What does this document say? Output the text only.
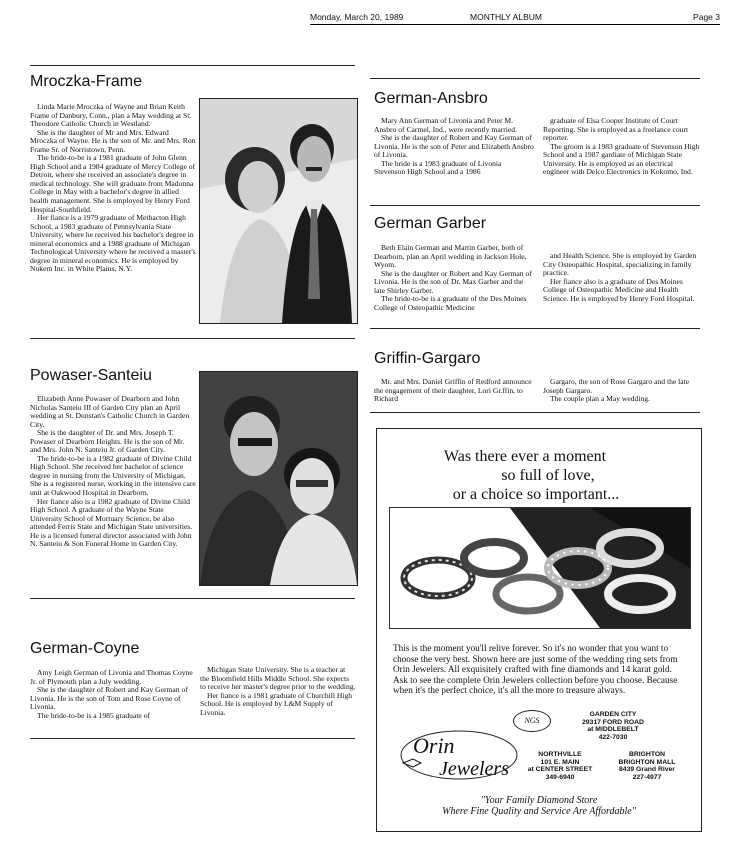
Monday, March 20, 1989	MONTHLY ALBUM	Page 3
Mroczka-Frame

Linda Marie Mroczka of Wayne and Brian Keith Frame of Danbury, Conn., plan a May wedding at St. Theodore Catholic Church in Westland.

She is the daughter of Mr and Mrs. Edward Mroczka of Wayne. He is the son of Mr. and Mrs. Ron Frame Sr. of Norristown, Penn.

The bride-to-be is a 1981 graduate of John Glenn High School and a 1984 graduate of Mercy College of Detroit, where she received an associate's degree in medical technology. She will graduate from Madonna College in May with a bachelor's degree in allied health management. She is employed by Henry Ford Hospital-Southfield.

Her fiance is a 1979 graduate of Methacton High School, a 1983 graduate of Pennsylvania State University, where he received his bachelor's degree in mineral economics and a 1988 graduate of Michigan Technological University where he received a master's degree in mineral economics. He is employed by Nukem Inc. in White Plains, N.Y.

Powaser-Santeiu

Elizabeth Anne Powaser of Dearborn and John Nicholas Santeiu III of Garden City plan an April wedding at St. Dunstan's Catholic Church in Garden City.

She is the daughter of Dr. and Mrs. Joseph T. Powaser of Dearborn Heights. He is the son of Mr. and Mrs. John N. Santeiu Jr. of Garden City.

The bride-to-be is a 1982 graduate of Divine Child High School. She received her bachelor of science degree in nursing from the University of Michigan. She is a registered nurse, working in the intensive care unit at Oakwood Hospital in Dearborn.

Her fiance also is a 1982 graduate of Divine Child High School. A graduate of the Wayne State University School of Mortuary Science, be also attended Ferris State and Michigan State universities. He is a licensed funeral director associated with John N. Santeiu & Son Funeral Home in Garden City.

German-Coyne

Amy Leigh German of Livonia and Thomas Coyne Jr. of Plymouth plan a July wedding.

She is the daughter of Robert and Kay German of Livonia. He is the son of Tom and Rose Coyne of Livonia.

The bride-to-be is a 1985 graduate of

Michigan State University. She is a teacher at the Bloomfield Hills Middle School. She expects to receive her master's degree prior to the wedding.

Her fiance is a 1981 graduate of Churchill High School. He is employed by L&M Supply of Livonia.

German-Ansbro

Mary Ann German of Livonia and Peter M. Ansbro of Carmel, Ind., were recently married.

She is the daughter of Robert and Kay German of Livonia. He is the son of Peter and Elizabeth Ansbro of Livonia.

The bride is a 1983 graduate of Livonia Stevenson High School and a 1986

graduate of Elsa Cooper Institute of Court Reporting. She is employed as a freelance court reporter.

The groom is a 1983 graduate of Stevenson High School and a 1987 gardiate of Michigan State University. He is employed as an electrical engineer with Delco Electronics in Kokomo, Ind.

German Garber

Beth Elain German and Martin Garber, both of Dearborn, plan an April wedding in Jackson Hole, Wyom.

She is the daughter or Robert and Kay German of Livonia. He is the son of Dr. Max Garber and the late Shirley Garber.

The bride-to-be is a graduate of the Des Moines College of Osteopathic Medicine

and Health Science. She is employed by Garden City Osteopathic Hospital, specializing in family practice.

Her fiance also is a graduate of Des Moines College of Osteopathic Medicine and Health Science. He is employed by Henry Ford Hospital.

Griffin-Gargaro

Mr. and Mrs. Daniel Griffin of Redford announce the engagement of their daughter, Lori Gr.ffin, to Richard

Gargaro, the son of Rose Gargaro and the late Joseph Gargaro.

The couple plan a May wedding.

Was there ever a moment
so full of love,
or a choice so important...
This is the moment you'll relive forever. So it's no wonder that you want to choose the very best. Shown here are just some of the wedding ring sets from Orin Jewelers. All exquisitely crafted with fine diamonds and 14 karat gold. Ask to see the complete Orin Jewelers collection before you choose. Because when it's the perfect choice, it's all the more to treasure always.
Orin
Jewelers
NGS
GARDEN CITY
29317 FORD ROAD
at MIDDLEBELT
422-7030
NORTHVILLE
101 E. MAIN
at CENTER STREET
349-6940
BRIGHTON
BRIGHTON MALL
8439 Grand River
227-4977
"Your Family Diamond Store
Where Fine Quality and Service Are Affordable"
